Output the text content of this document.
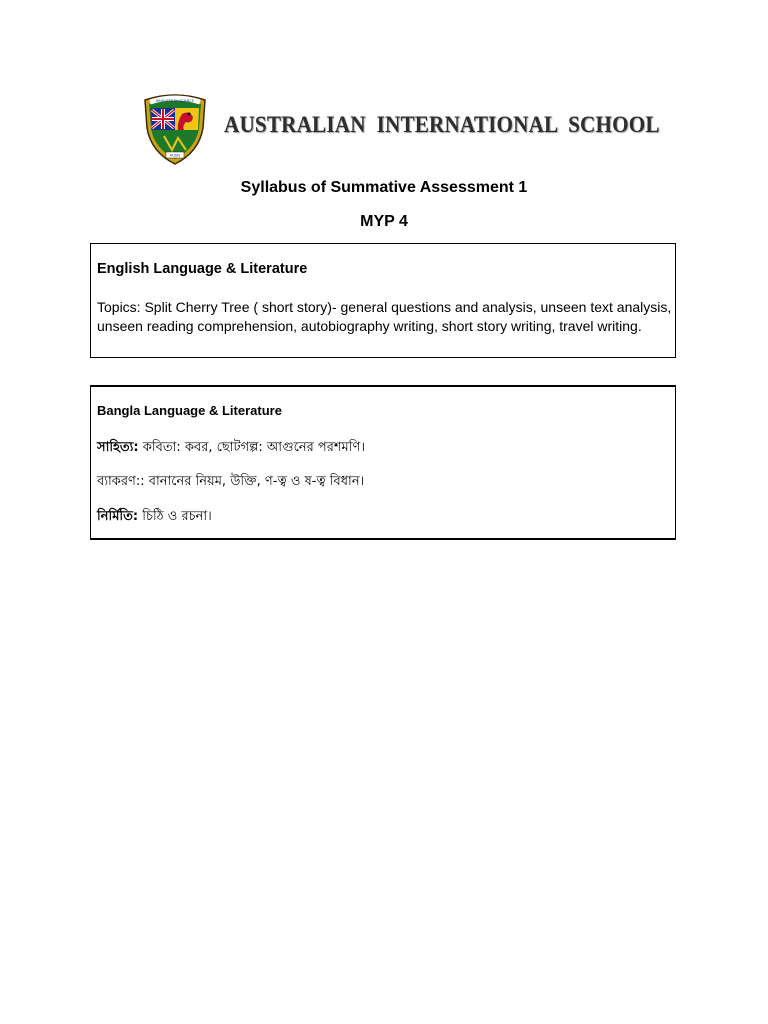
BRIGHTER BY SCIENCE
AUSIS
AUSTRALIAN  INTERNATIONAL  SCHOOL
Syllabus of Summative Assessment 1
MYP 4
English Language & Literature
Topics: Split Cherry Tree ( short story)- general questions and analysis, unseen text analysis, unseen reading comprehension, autobiography writing, short story writing, travel writing.
Bangla Language & Literature
সাহিত্য: কবিতা: কবর, ছোটগল্প: আগুনের পরশমণি।
ব্যাকরণ:: বানানের নিয়ম, উক্তি, ণ-ত্ব ও ষ-ত্ব বিধান।
নির্মিতি: চিঠি ও রচনা।
